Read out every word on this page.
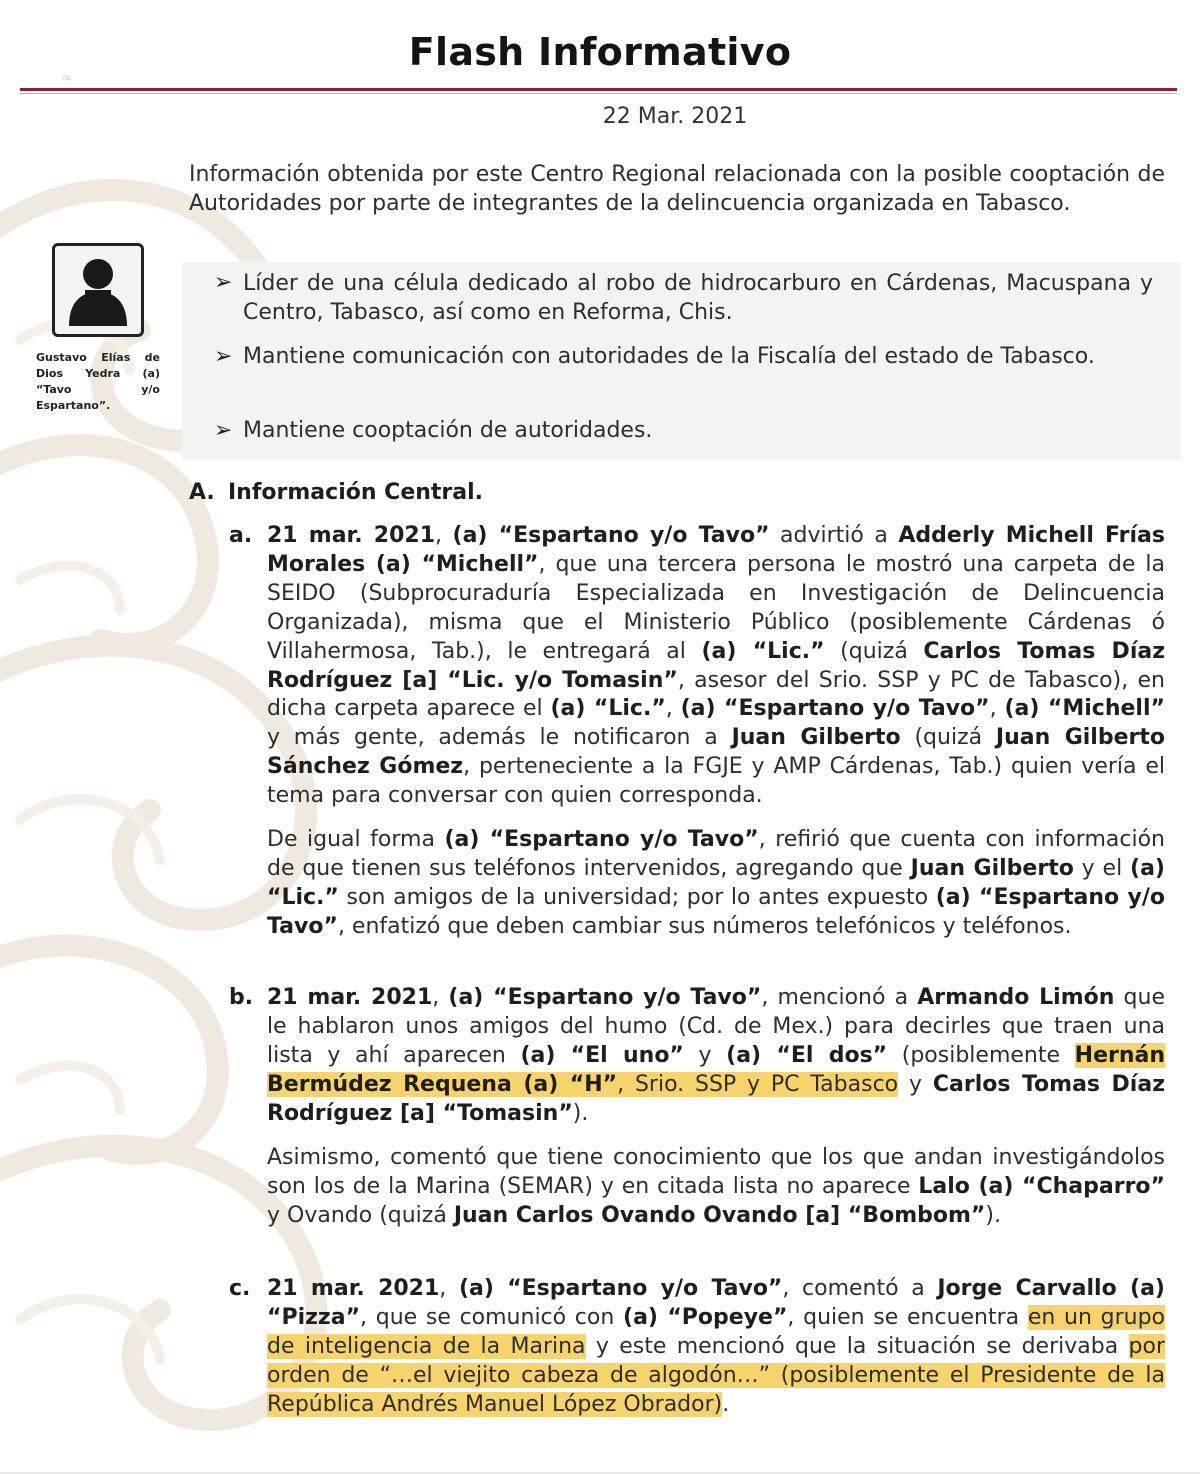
np
Flash Informativo
22 Mar. 2021

Información obtenida por este Centro Regional relacionada con la posible cooptación de Autoridades por parte de integrantes de la delincuencia organizada en Tabasco.

Gustavo Elías de Dios Yedra (a) “Tavo y/o Espartano”.

➢ Líder de una célula dedicado al robo de hidrocarburo en Cárdenas, Macuspana y Centro, Tabasco, así como en Reforma, Chis.

➢ Mantiene comunicación con autoridades de la Fiscalía del estado de Tabasco.

➢ Mantiene cooptación de autoridades.

A. Información Central.
a. 21 mar. 2021, (a) “Espartano y/o Tavo” advirtió a Adderly Michell Frías Morales (a) “Michell”, que una tercera persona le mostró una carpeta de la SEIDO (Subprocuraduría Especializada en Investigación de Delincuencia Organizada), misma que el Ministerio Público (posiblemente Cárdenas ó Villahermosa, Tab.), le entregará al (a) “Lic.” (quizá Carlos Tomas Díaz Rodríguez [a] “Lic. y/o Tomasin”, asesor del Srio. SSP y PC de Tabasco), en dicha carpeta aparece el (a) “Lic.”, (a) “Espartano y/o Tavo”, (a) “Michell” y más gente, además le notificaron a Juan Gilberto (quizá Juan Gilberto Sánchez Gómez, perteneciente a la FGJE y AMP Cárdenas, Tab.) quien vería el tema para conversar con quien corresponda.

De igual forma (a) “Espartano y/o Tavo”, refirió que cuenta con información de que tienen sus teléfonos intervenidos, agregando que Juan Gilberto y el (a) “Lic.” son amigos de la universidad; por lo antes expuesto (a) “Espartano y/o Tavo”, enfatizó que deben cambiar sus números telefónicos y teléfonos.

b. 21 mar. 2021, (a) “Espartano y/o Tavo”, mencionó a Armando Limón que le hablaron unos amigos del humo (Cd. de Mex.) para decirles que traen una lista y ahí aparecen (a) “El uno” y (a) “El dos” (posiblemente Hernán Bermúdez Requena (a) “H”, Srio. SSP y PC Tabasco y Carlos Tomas Díaz Rodríguez [a] “Tomasin”).

Asimismo, comentó que tiene conocimiento que los que andan investigándolos son los de la Marina (SEMAR) y en citada lista no aparece Lalo (a) “Chaparro” y Ovando (quizá Juan Carlos Ovando Ovando [a] “Bombom”).

c. 21 mar. 2021, (a) “Espartano y/o Tavo”, comentó a Jorge Carvallo (a) “Pizza”, que se comunicó con (a) “Popeye”, quien se encuentra en un grupo de inteligencia de la Marina y este mencionó que la situación se derivaba por orden de “…el viejito cabeza de algodón…” (posiblemente el Presidente de la República Andrés Manuel López Obrador).
